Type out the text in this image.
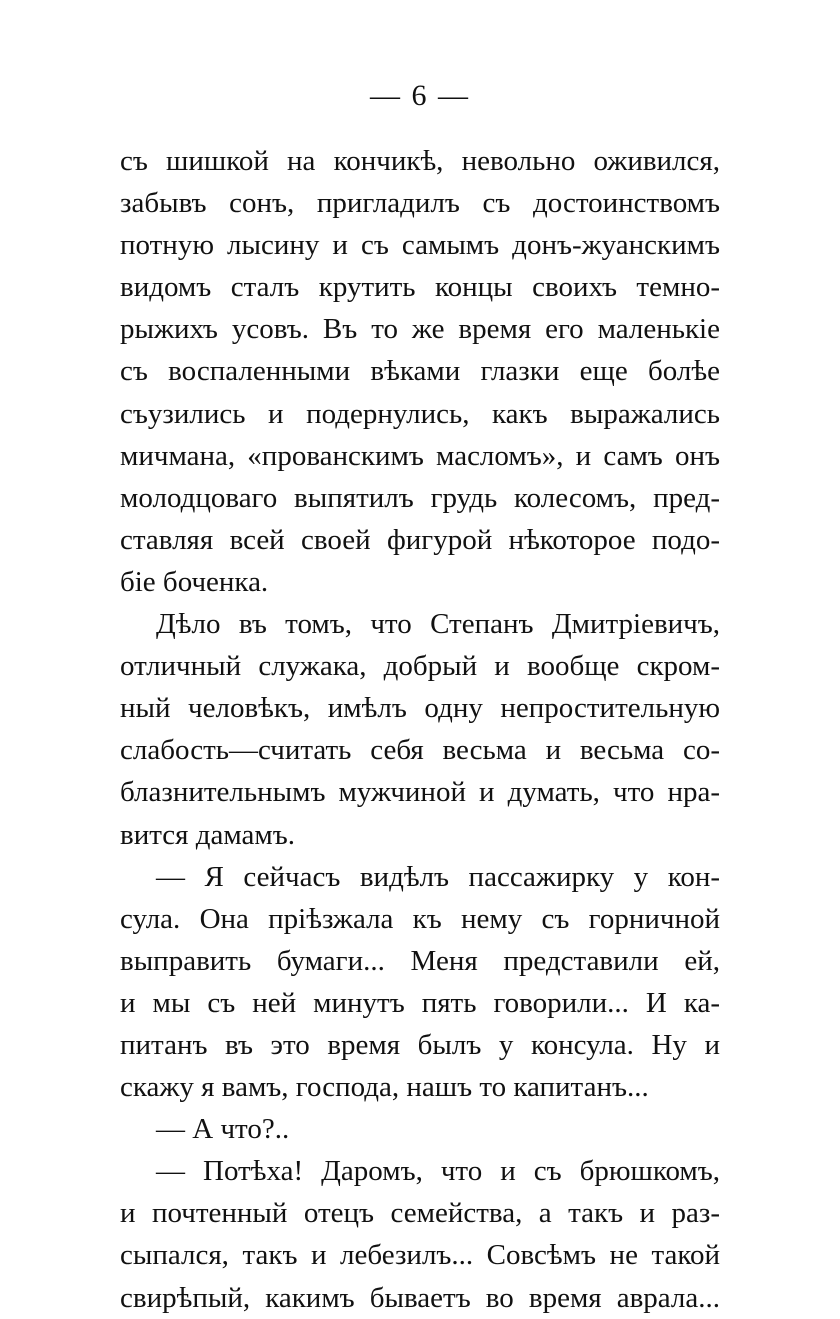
— 6 —
съ шишкой на кончикѣ, невольно оживился,
забывъ сонъ, пригладилъ съ достоинствомъ
потную лысину и съ самымъ донъ-жуанскимъ
видомъ сталъ крутить концы своихъ темно-
рыжихъ усовъ. Въ то же время его маленькіе
съ воспаленными вѣками глазки еще болѣе
съузились и подернулись, какъ выражались
мичмана, «прованскимъ масломъ», и самъ онъ
молодцоваго выпятилъ грудь колесомъ, пред-
ставляя всей своей фигурой нѣкоторое подо-
біе боченка.
Дѣло въ томъ, что Степанъ Дмитріевичъ,
отличный служака, добрый и вообще скром-
ный человѣкъ, имѣлъ одну непростительную
слабость—считать себя весьма и весьма со-
блазнительнымъ мужчиной и думать, что нра-
вится дамамъ.
— Я сейчасъ видѣлъ пассажирку у кон-
сула. Она пріѣзжала къ нему съ горничной
выправить бумаги... Меня представили ей,
и мы съ ней минутъ пять говорили... И ка-
питанъ въ это время былъ у консула. Ну и
скажу я вамъ, господа, нашъ то капитанъ...
— А что?..
— Потѣха! Даромъ, что и съ брюшкомъ,
и почтенный отецъ семейства, а такъ и раз-
сыпался, такъ и лебезилъ... Совсѣмъ не такой
свирѣпый, какимъ бываетъ во время аврала...
